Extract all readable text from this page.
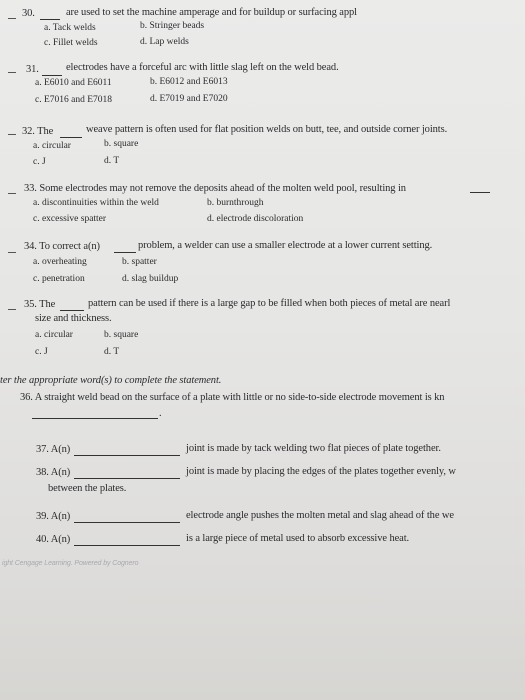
30.	are used to set the machine amperage and for buildup or surfacing appl
a. Tack welds	b. Stringer beads
c. Fillet welds	d. Lap welds
31.	electrodes have a forceful arc with little slag left on the weld bead.
a. E6010 and E6011	b. E6012 and E6013
c. E7016 and E7018	d. E7019 and E7020
32. The	weave pattern is often used for flat position welds on butt, tee, and outside corner joints.
a. circular	b. square
c. J	d. T
33. Some electrodes may not remove the deposits ahead of the molten weld pool, resulting in
a. discontinuities within the weld	b. burnthrough
c. excessive spatter	d. electrode discoloration
34. To correct a(n)	problem, a welder can use a smaller electrode at a lower current setting.
a. overheating	b. spatter
c. penetration	d. slag buildup
35. The	pattern can be used if there is a large gap to be filled when both pieces of metal are nearl
size and thickness.
a. circular	b. square
c. J	d. T
ter the appropriate word(s) to complete the statement.
36. A straight weld bead on the surface of a plate with little or no side-to-side electrode movement is kn
.
37. A(n)	joint is made by tack welding two flat pieces of plate together.
38. A(n)	joint is made by placing the edges of the plates together evenly, w
between the plates.
39. A(n)	electrode angle pushes the molten metal and slag ahead of the we
40. A(n)	is a large piece of metal used to absorb excessive heat.
ight Cengage Learning. Powered by Cognero
